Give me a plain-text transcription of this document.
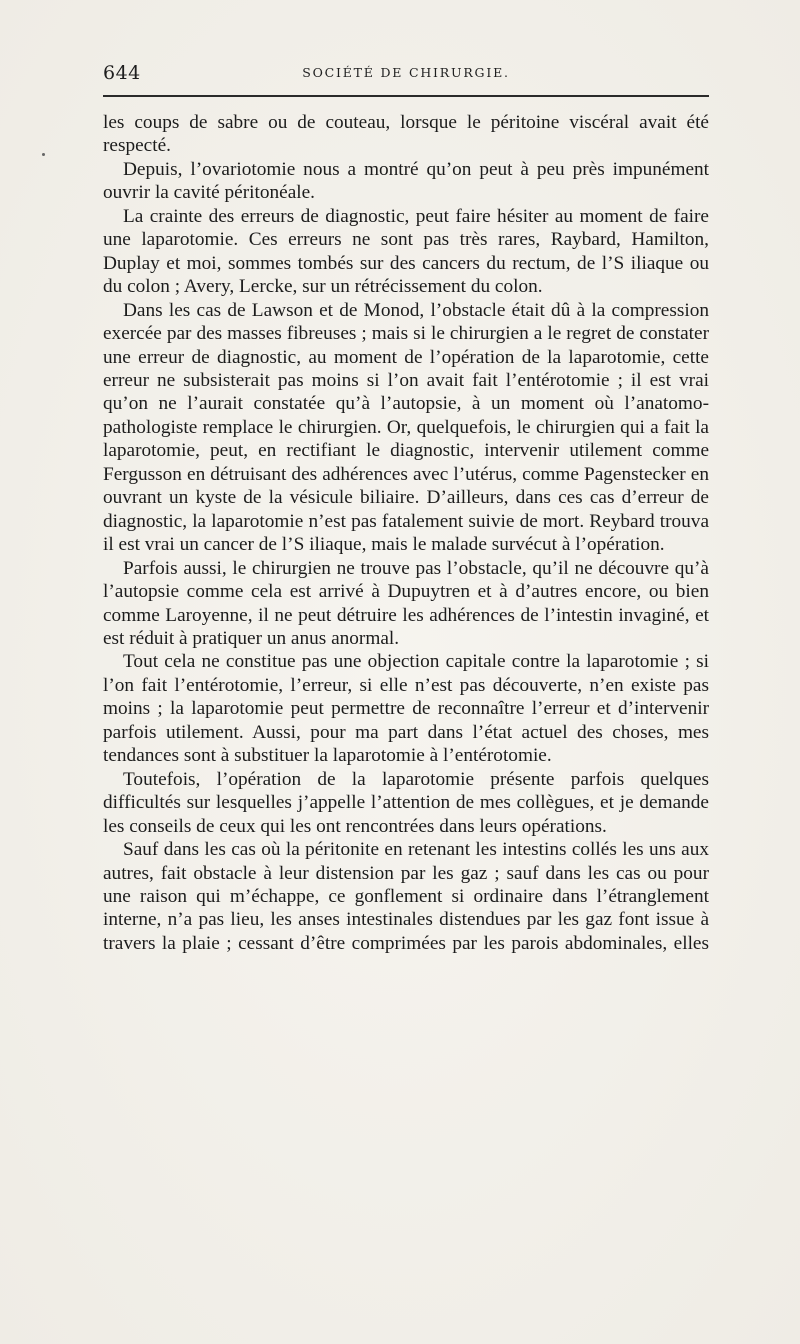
644	SOCIÉTÉ DE CHIRURGIE.

les coups de sabre ou de couteau, lorsque le péritoine viscéral avait été respecté.

Depuis, l’ovariotomie nous a montré qu’on peut à peu près impunément ouvrir la cavité péritonéale.

La crainte des erreurs de diagnostic, peut faire hésiter au moment de faire une laparotomie. Ces erreurs ne sont pas très rares, Raybard, Hamilton, Duplay et moi, sommes tombés sur des cancers du rectum, de l’S iliaque ou du colon ; Avery, Lercke, sur un rétrécissement du colon.

Dans les cas de Lawson et de Monod, l’obstacle était dû à la compression exercée par des masses fibreuses ; mais si le chirurgien a le regret de constater une erreur de diagnostic, au moment de l’opération de la laparotomie, cette erreur ne subsisterait pas moins si l’on avait fait l’entérotomie ; il est vrai qu’on ne l’aurait constatée qu’à l’autopsie, à un moment où l’anatomo-pathologiste remplace le chirurgien. Or, quelquefois, le chirurgien qui a fait la laparotomie, peut, en rectifiant le diagnostic, intervenir utilement comme Fergusson en détruisant des adhérences avec l’utérus, comme Pagenstecker en ouvrant un kyste de la vésicule biliaire. D’ailleurs, dans ces cas d’erreur de diagnostic, la laparotomie n’est pas fatalement suivie de mort. Reybard trouva il est vrai un cancer de l’S iliaque, mais le malade survécut à l’opération.

Parfois aussi, le chirurgien ne trouve pas l’obstacle, qu’il ne découvre qu’à l’autopsie comme cela est arrivé à Dupuytren et à d’autres encore, ou bien comme Laroyenne, il ne peut détruire les adhérences de l’intestin invaginé, et est réduit à pratiquer un anus anormal.

Tout cela ne constitue pas une objection capitale contre la laparotomie ; si l’on fait l’entérotomie, l’erreur, si elle n’est pas découverte, n’en existe pas moins ; la laparotomie peut permettre de reconnaître l’erreur et d’intervenir parfois utilement. Aussi, pour ma part dans l’état actuel des choses, mes tendances sont à substituer la laparotomie à l’entérotomie.

Toutefois, l’opération de la laparotomie présente parfois quelques difficultés sur lesquelles j’appelle l’attention de mes collègues, et je demande les conseils de ceux qui les ont rencontrées dans leurs opérations.

Sauf dans les cas où la péritonite en retenant les intestins collés les uns aux autres, fait obstacle à leur distension par les gaz ; sauf dans les cas ou pour une raison qui m’échappe, ce gonflement si ordinaire dans l’étranglement interne, n’a pas lieu, les anses intestinales distendues par les gaz font issue à travers la plaie ; cessant d’être comprimées par les parois abdominales, elles
